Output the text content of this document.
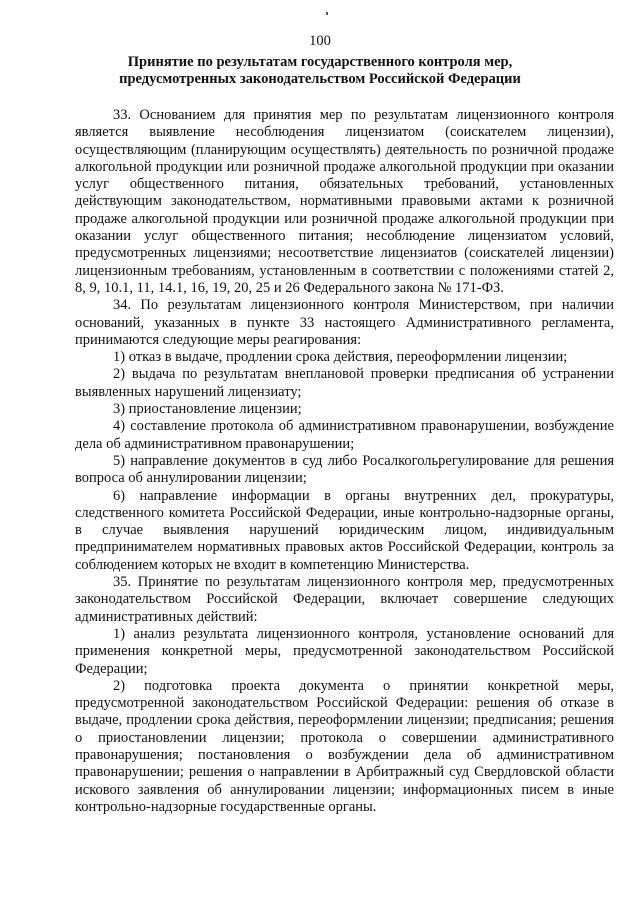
100
Принятие по результатам государственного контроля мер,
предусмотренных законодательством Российской Федерации

33. Основанием для принятия мер по результатам лицензионного контроля является выявление несоблюдения лицензиатом (соискателем лицензии), осуществляющим (планирующим осуществлять) деятельность по розничной продаже алкогольной продукции или розничной продаже алкогольной продукции при оказании услуг общественного питания, обязательных требований, установленных действующим законодательством, нормативными правовыми актами к розничной продаже алкогольной продукции или розничной продаже алкогольной продукции при оказании услуг общественного питания; несоблюдение лицензиатом условий, предусмотренных лицензиями; несоответствие лицензиатов (соискателей лицензии) лицензионным требованиям, установленным в соответствии с положениями статей 2, 8, 9, 10.1, 11, 14.1, 16, 19, 20, 25 и 26 Федерального закона № 171-ФЗ.

34. По результатам лицензионного контроля Министерством, при наличии оснований, указанных в пункте 33 настоящего Административного регламента, принимаются следующие меры реагирования:

1) отказ в выдаче, продлении срока действия, переоформлении лицензии;

2) выдача по результатам внеплановой проверки предписания об устранении выявленных нарушений лицензиату;

3) приостановление лицензии;

4) составление протокола об административном правонарушении, возбуждение дела об административном правонарушении;

5) направление документов в суд либо Росалкогольрегулирование для решения вопроса об аннулировании лицензии;

6) направление информации в органы внутренних дел, прокуратуры, следственного комитета Российской Федерации, иные контрольно-надзорные органы, в случае выявления нарушений юридическим лицом, индивидуальным предпринимателем нормативных правовых актов Российской Федерации, контроль за соблюдением которых не входит в компетенцию Министерства.

35. Принятие по результатам лицензионного контроля мер, предусмотренных законодательством Российской Федерации, включает совершение следующих административных действий:

1) анализ результата лицензионного контроля, установление оснований для применения конкретной меры, предусмотренной законодательством Российской Федерации;

2) подготовка проекта документа о принятии конкретной меры, предусмотренной законодательством Российской Федерации: решения об отказе в выдаче, продлении срока действия, переоформлении лицензии; предписания; решения о приостановлении лицензии; протокола о совершении административного правонарушения; постановления о возбуждении дела об административном правонарушении; решения о направлении в Арбитражный суд Свердловской области искового заявления об аннулировании лицензии; информационных писем в иные контрольно-надзорные государственные органы.
